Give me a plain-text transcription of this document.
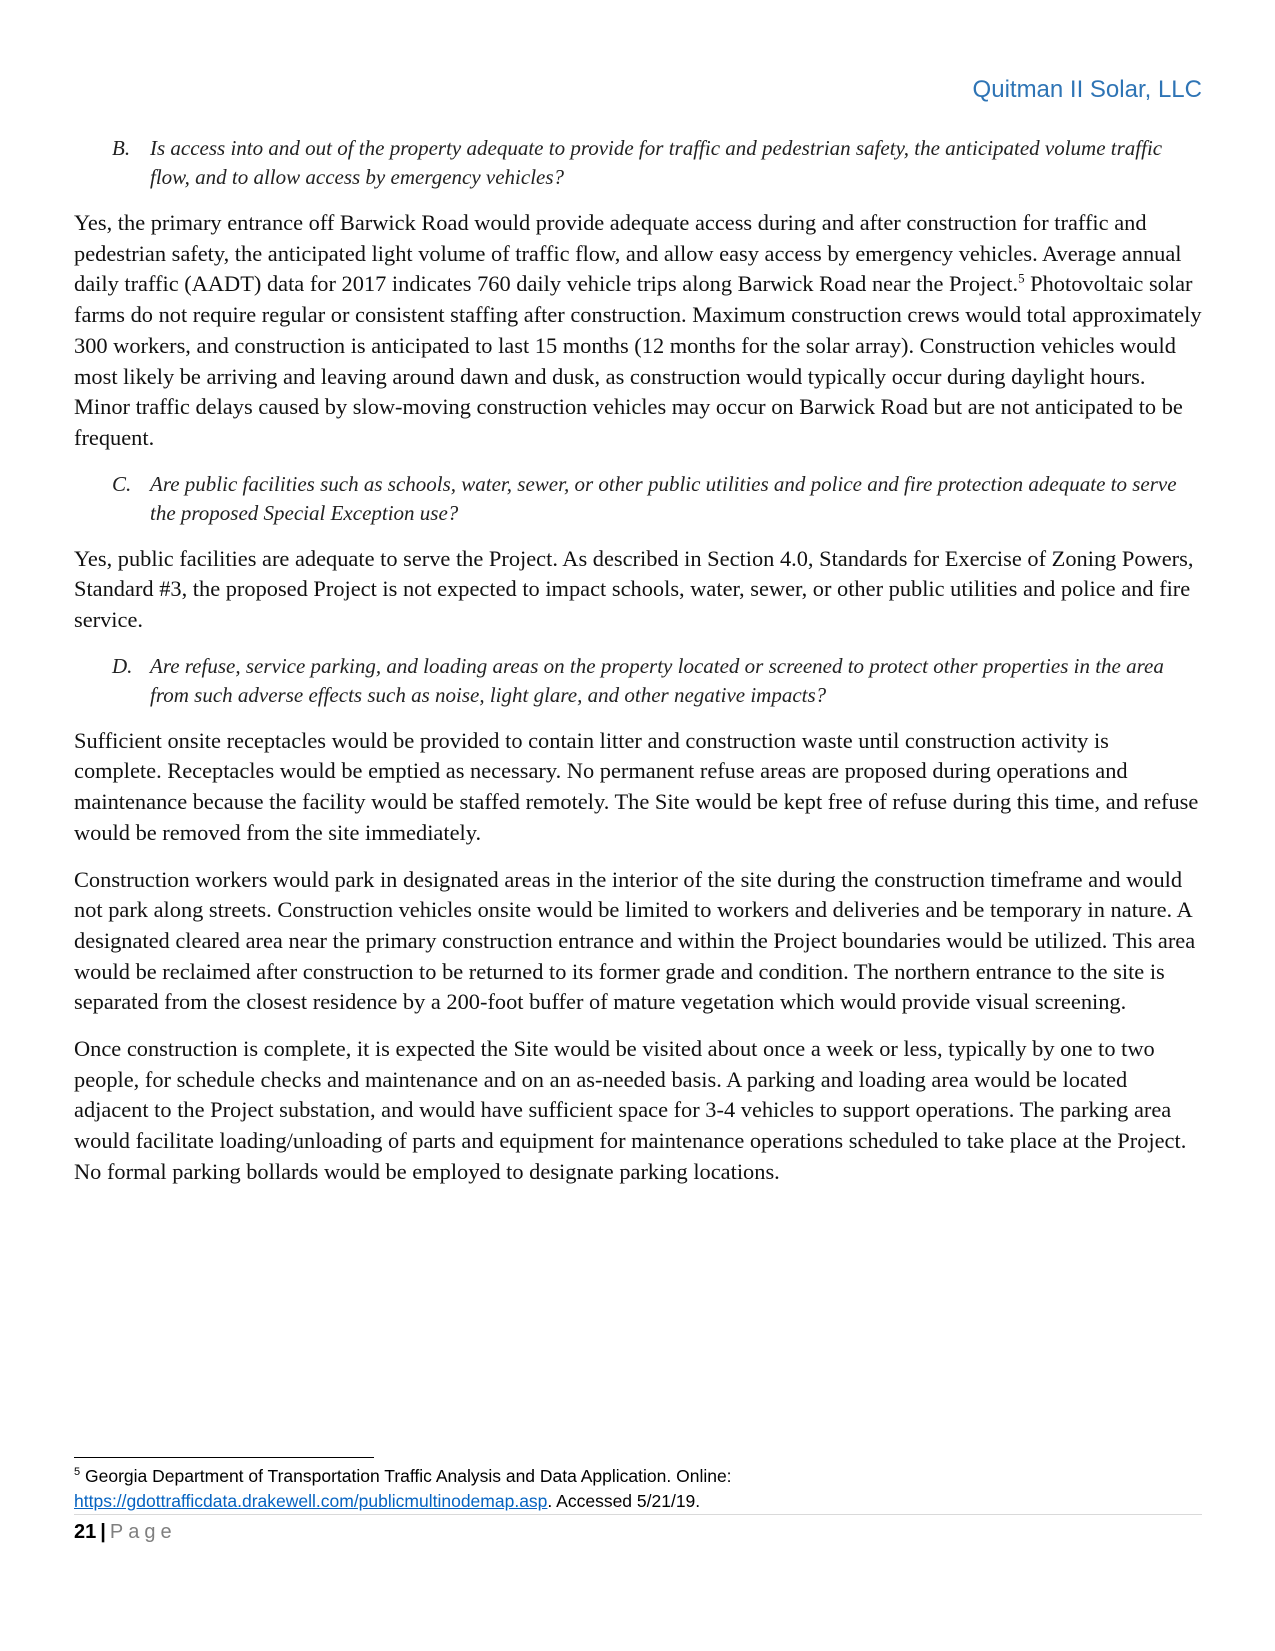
Quitman II Solar, LLC

B. Is access into and out of the property adequate to provide for traffic and pedestrian safety, the anticipated volume traffic flow, and to allow access by emergency vehicles?

Yes, the primary entrance off Barwick Road would provide adequate access during and after construction for traffic and pedestrian safety, the anticipated light volume of traffic flow, and allow easy access by emergency vehicles. Average annual daily traffic (AADT) data for 2017 indicates 760 daily vehicle trips along Barwick Road near the Project.$^5$ Photovoltaic solar farms do not require regular or consistent staffing after construction. Maximum construction crews would total approximately 300 workers, and construction is anticipated to last 15 months (12 months for the solar array). Construction vehicles would most likely be arriving and leaving around dawn and dusk, as construction would typically occur during daylight hours. Minor traffic delays caused by slow-moving construction vehicles may occur on Barwick Road but are not anticipated to be frequent.

C. Are public facilities such as schools, water, sewer, or other public utilities and police and fire protection adequate to serve the proposed Special Exception use?

Yes, public facilities are adequate to serve the Project. As described in Section 4.0, Standards for Exercise of Zoning Powers, Standard #3, the proposed Project is not expected to impact schools, water, sewer, or other public utilities and police and fire service.

D. Are refuse, service parking, and loading areas on the property located or screened to protect other properties in the area from such adverse effects such as noise, light glare, and other negative impacts?

Sufficient onsite receptacles would be provided to contain litter and construction waste until construction activity is complete. Receptacles would be emptied as necessary. No permanent refuse areas are proposed during operations and maintenance because the facility would be staffed remotely. The Site would be kept free of refuse during this time, and refuse would be removed from the site immediately.

Construction workers would park in designated areas in the interior of the site during the construction timeframe and would not park along streets. Construction vehicles onsite would be limited to workers and deliveries and be temporary in nature. A designated cleared area near the primary construction entrance and within the Project boundaries would be utilized. This area would be reclaimed after construction to be returned to its former grade and condition. The northern entrance to the site is separated from the closest residence by a 200-foot buffer of mature vegetation which would provide visual screening.

Once construction is complete, it is expected the Site would be visited about once a week or less, typically by one to two people, for schedule checks and maintenance and on an as-needed basis. A parking and loading area would be located adjacent to the Project substation, and would have sufficient space for 3-4 vehicles to support operations. The parking area would facilitate loading/unloading of parts and equipment for maintenance operations scheduled to take place at the Project. No formal parking bollards would be employed to designate parking locations.

$^5$ Georgia Department of Transportation Traffic Analysis and Data Application. Online:
https://gdottrafficdata.drakewell.com/publicmultinodemap.asp. Accessed 5/21/19.

21 | Page
